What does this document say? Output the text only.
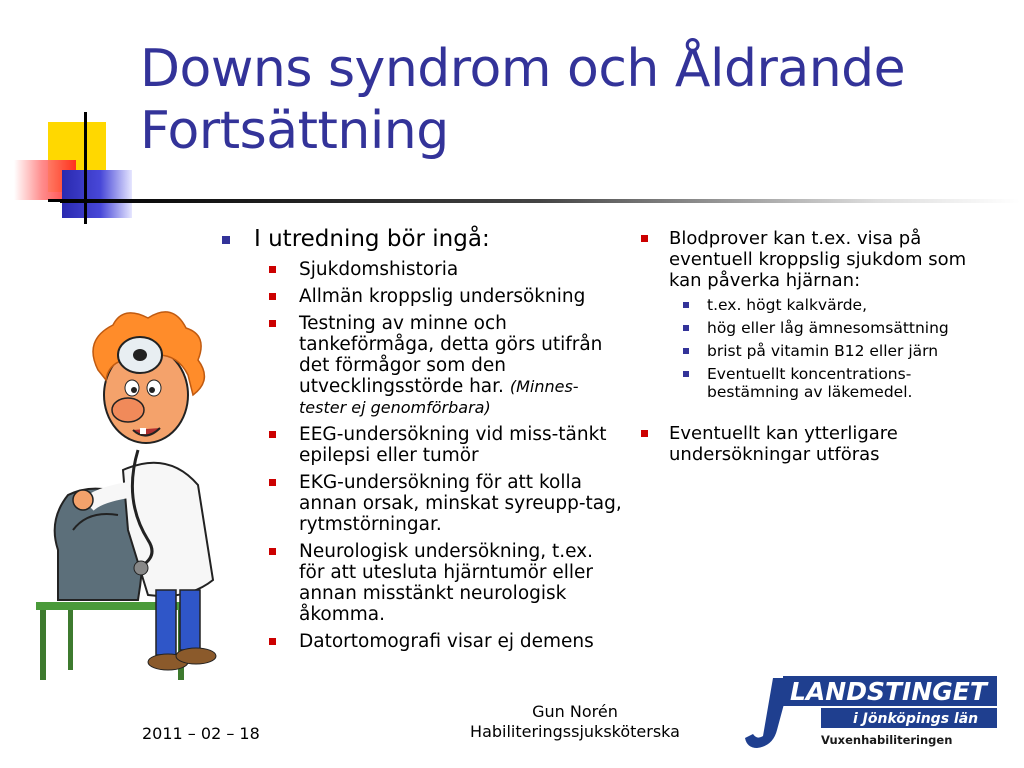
Downs syndrom och Åldrande
Fortsättning
I utredning bör ingå:
Sjukdomshistoria
Allmän kroppslig undersökning
Testning av minne och tankeförmåga, detta görs utifrån det förmågor som den utvecklingsstörde har. (Minnes-tester ej genomförbara)
EEG-undersökning vid miss-tänkt epilepsi eller tumör
EKG-undersökning för att kolla annan orsak, minskat syreupp-tag, rytmstörningar.
Neurologisk undersökning, t.ex. för att utesluta hjärntumör eller annan misstänkt neurologisk åkomma.
Datortomografi visar ej demens
Blodprover kan t.ex. visa på eventuell kroppslig sjukdom som kan påverka hjärnan:
t.ex. högt kalkvärde,
hög eller låg ämnesomsättning
brist på vitamin B12 eller järn
Eventuellt koncentrations-bestämning av läkemedel.
Eventuellt kan ytterligare undersökningar utföras
2011 – 02 – 18
Gun Norén
Habiliteringssjuksköterska
LANDSTINGET
i Jönköpings län
Vuxenhabiliteringen
